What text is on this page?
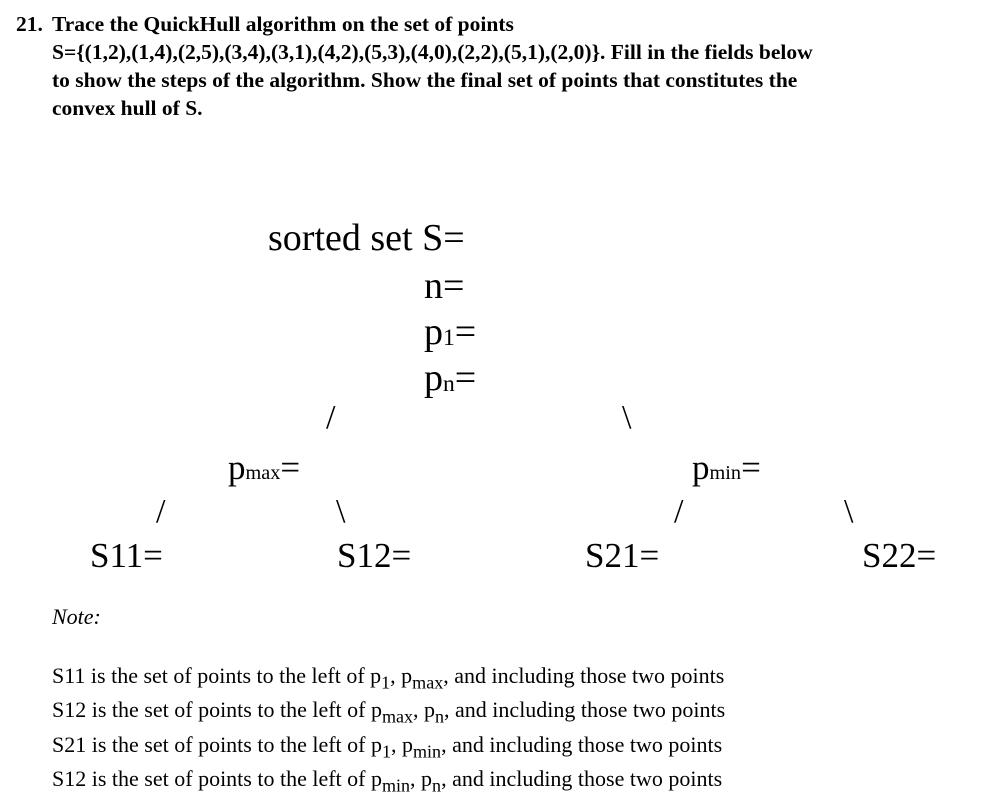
21. Trace the QuickHull algorithm on the set of points
S={(1,2),(1,4),(2,5),(3,4),(3,1),(4,2),(5,3),(4,0),(2,2),(5,1),(2,0)}. Fill in the fields below
to show the steps of the algorithm. Show the final set of points that constitutes the
convex hull of S.
sorted set S=
n=
p1=
pn=
/	\
pmax=	pmin=
/	\	/	\
S11=	S12=	S21=	S22=
Note:
S11 is the set of points to the left of $p_1$, $p_{max}$, and including those two points
S12 is the set of points to the left of $p_{max}$, $p_n$, and including those two points
S21 is the set of points to the left of $p_1$, $p_{min}$, and including those two points
S12 is the set of points to the left of $p_{min}$, $p_n$, and including those two points
